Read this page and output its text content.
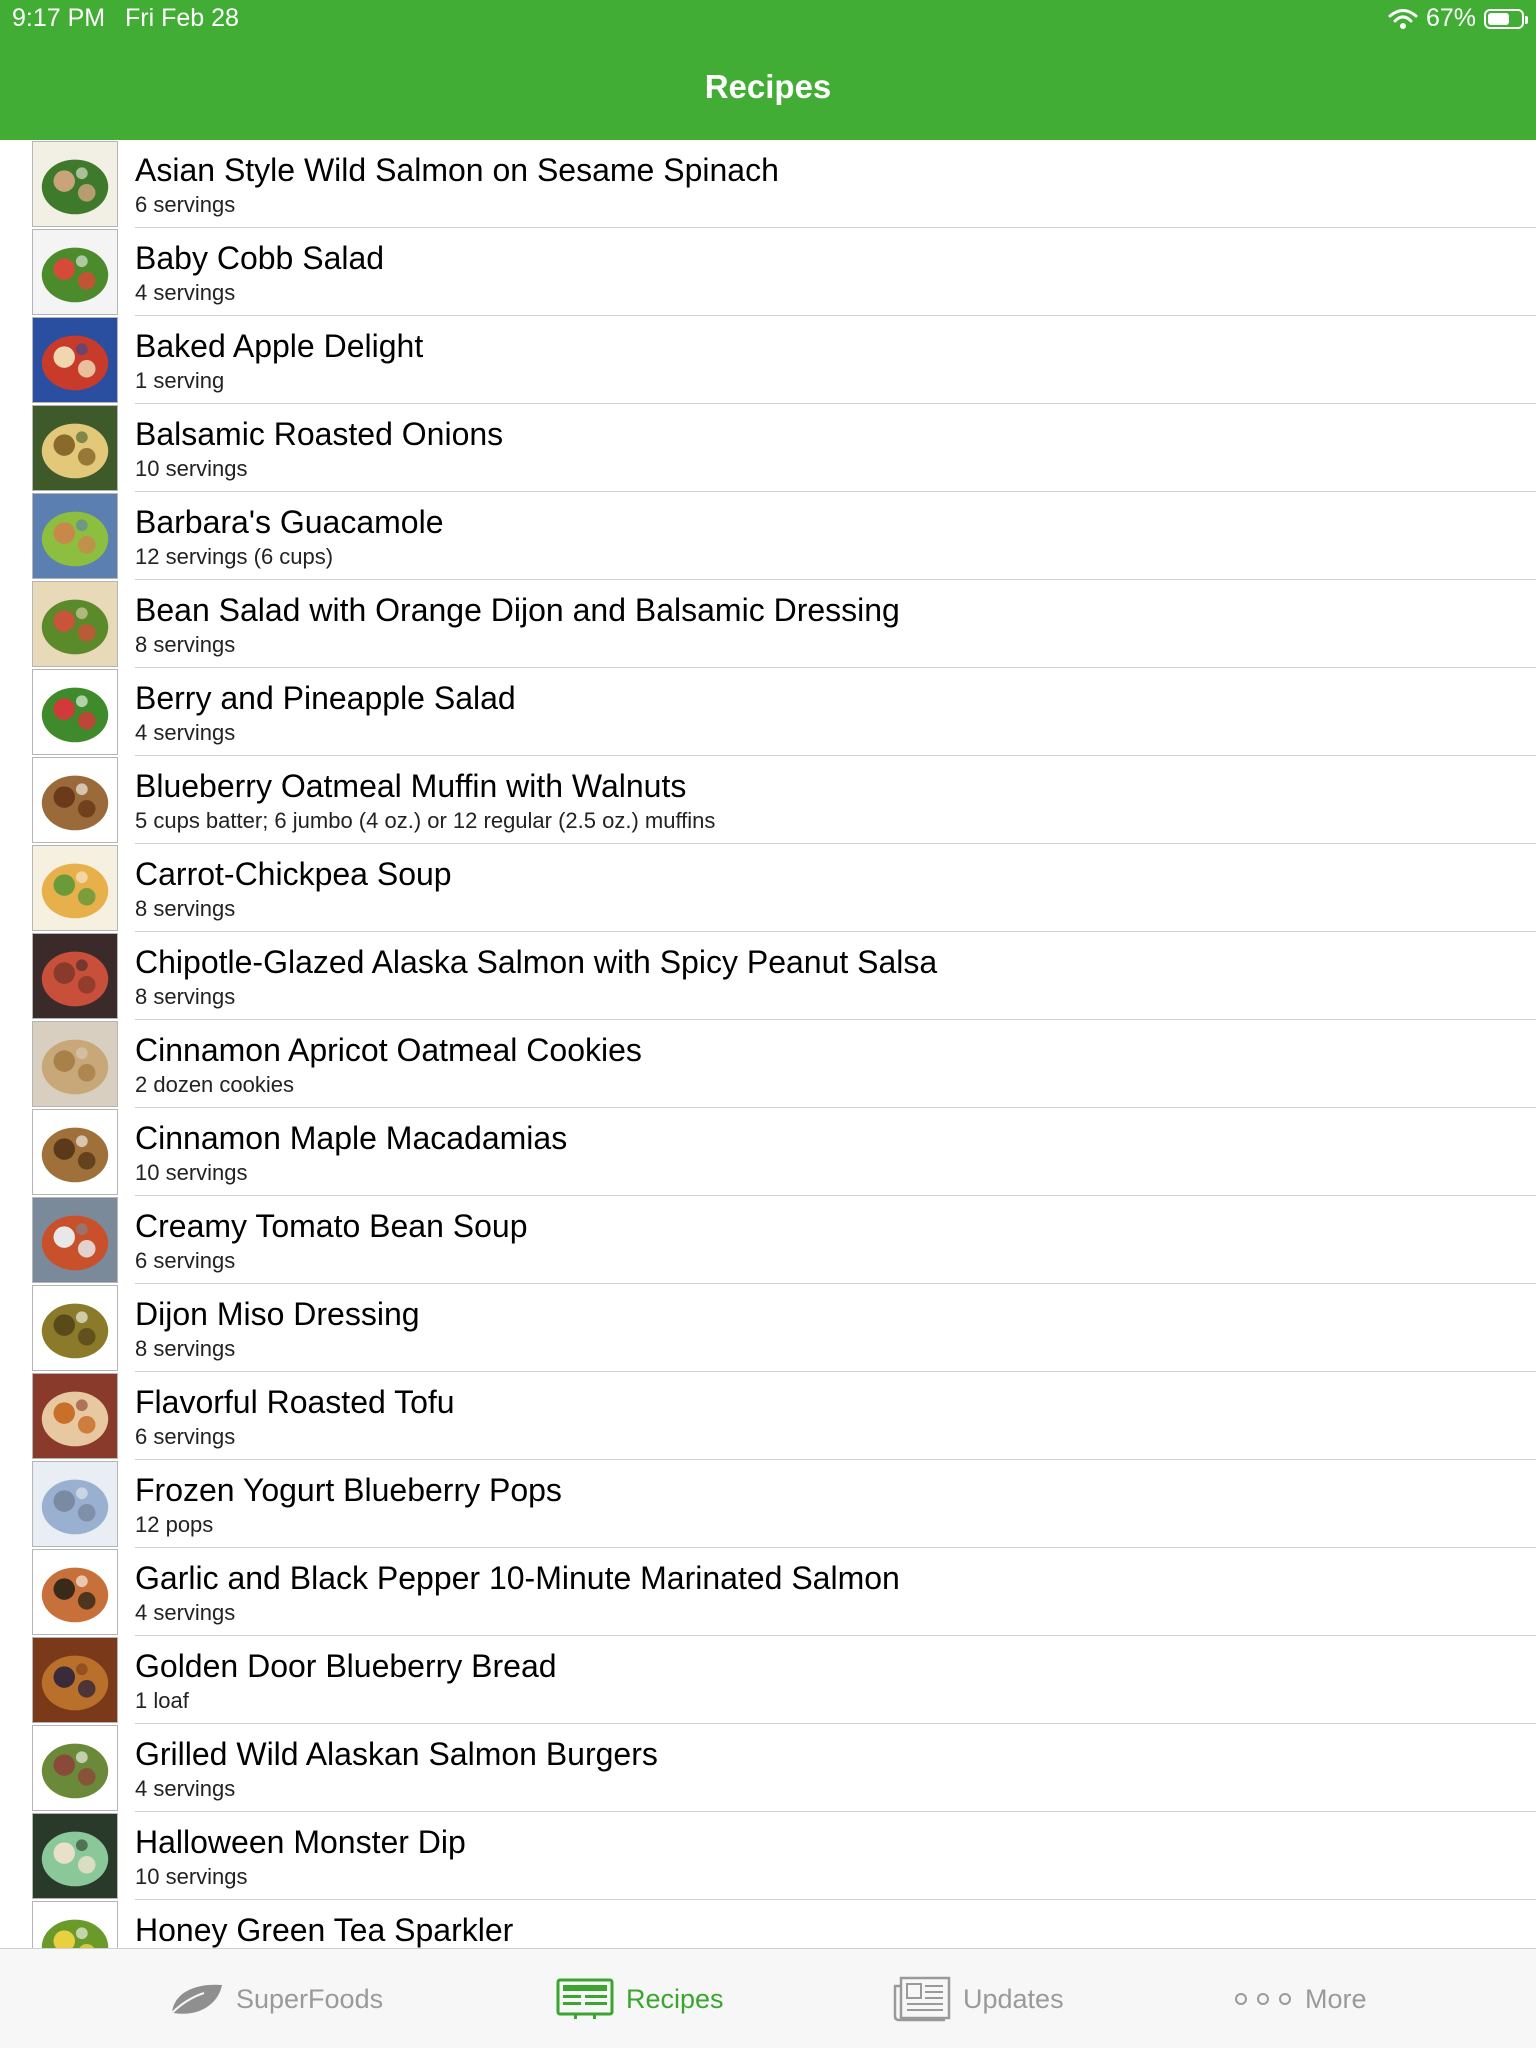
9:17 PM Fri Feb 28	67%
Recipes
Asian Style Wild Salmon on Sesame Spinach
6 servings
Baby Cobb Salad
4 servings
Baked Apple Delight
1 serving
Balsamic Roasted Onions
10 servings
Barbara's Guacamole
12 servings (6 cups)
Bean Salad with Orange Dijon and Balsamic Dressing
8 servings
Berry and Pineapple Salad
4 servings
Blueberry Oatmeal Muffin with Walnuts
5 cups batter; 6 jumbo (4 oz.) or 12 regular (2.5 oz.) muffins
Carrot-Chickpea Soup
8 servings
Chipotle-Glazed Alaska Salmon with Spicy Peanut Salsa
8 servings
Cinnamon Apricot Oatmeal Cookies
2 dozen cookies
Cinnamon Maple Macadamias
10 servings
Creamy Tomato Bean Soup
6 servings
Dijon Miso Dressing
8 servings
Flavorful Roasted Tofu
6 servings
Frozen Yogurt Blueberry Pops
12 pops
Garlic and Black Pepper 10-Minute Marinated Salmon
4 servings
Golden Door Blueberry Bread
1 loaf
Grilled Wild Alaskan Salmon Burgers
4 servings
Halloween Monster Dip
10 servings
Honey Green Tea Sparkler
SuperFoods	Recipes	Updates	More
